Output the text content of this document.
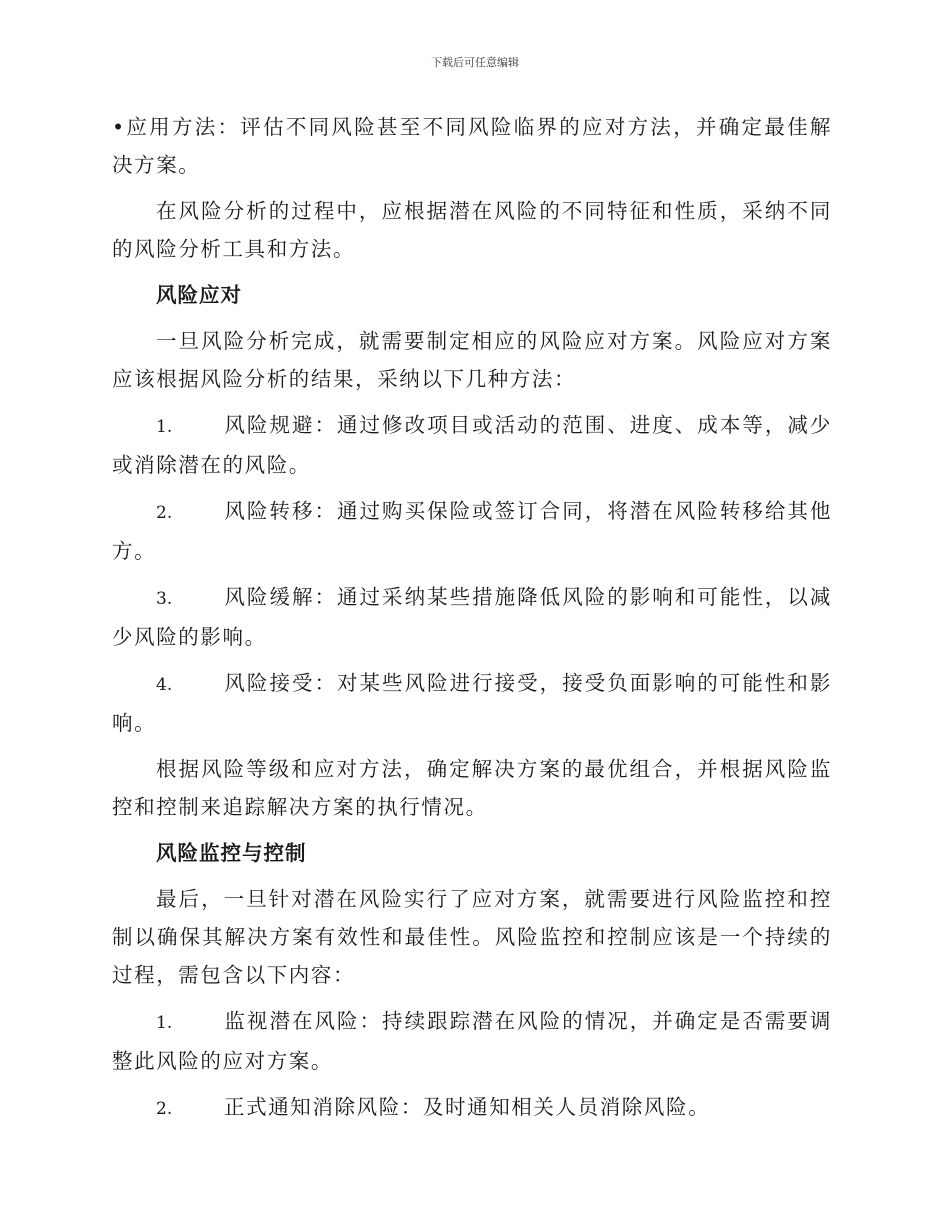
下载后可任意编辑

•应用方法：评估不同风险甚至不同风险临界的应对方法，并确定最佳解决方案。

在风险分析的过程中，应根据潜在风险的不同特征和性质，采纳不同的风险分析工具和方法。

风险应对

一旦风险分析完成，就需要制定相应的风险应对方案。风险应对方案应该根据风险分析的结果，采纳以下几种方法：

1.	风险规避：通过修改项目或活动的范围、进度、成本等，减少或消除潜在的风险。

2.	风险转移：通过购买保险或签订合同，将潜在风险转移给其他方。

3.	风险缓解：通过采纳某些措施降低风险的影响和可能性，以减少风险的影响。

4.	风险接受：对某些风险进行接受，接受负面影响的可能性和影响。

根据风险等级和应对方法，确定解决方案的最优组合，并根据风险监控和控制来追踪解决方案的执行情况。

风险监控与控制

最后，一旦针对潜在风险实行了应对方案，就需要进行风险监控和控制以确保其解决方案有效性和最佳性。风险监控和控制应该是一个持续的过程，需包含以下内容：

1.	监视潜在风险：持续跟踪潜在风险的情况，并确定是否需要调整此风险的应对方案。

2.	正式通知消除风险：及时通知相关人员消除风险。
